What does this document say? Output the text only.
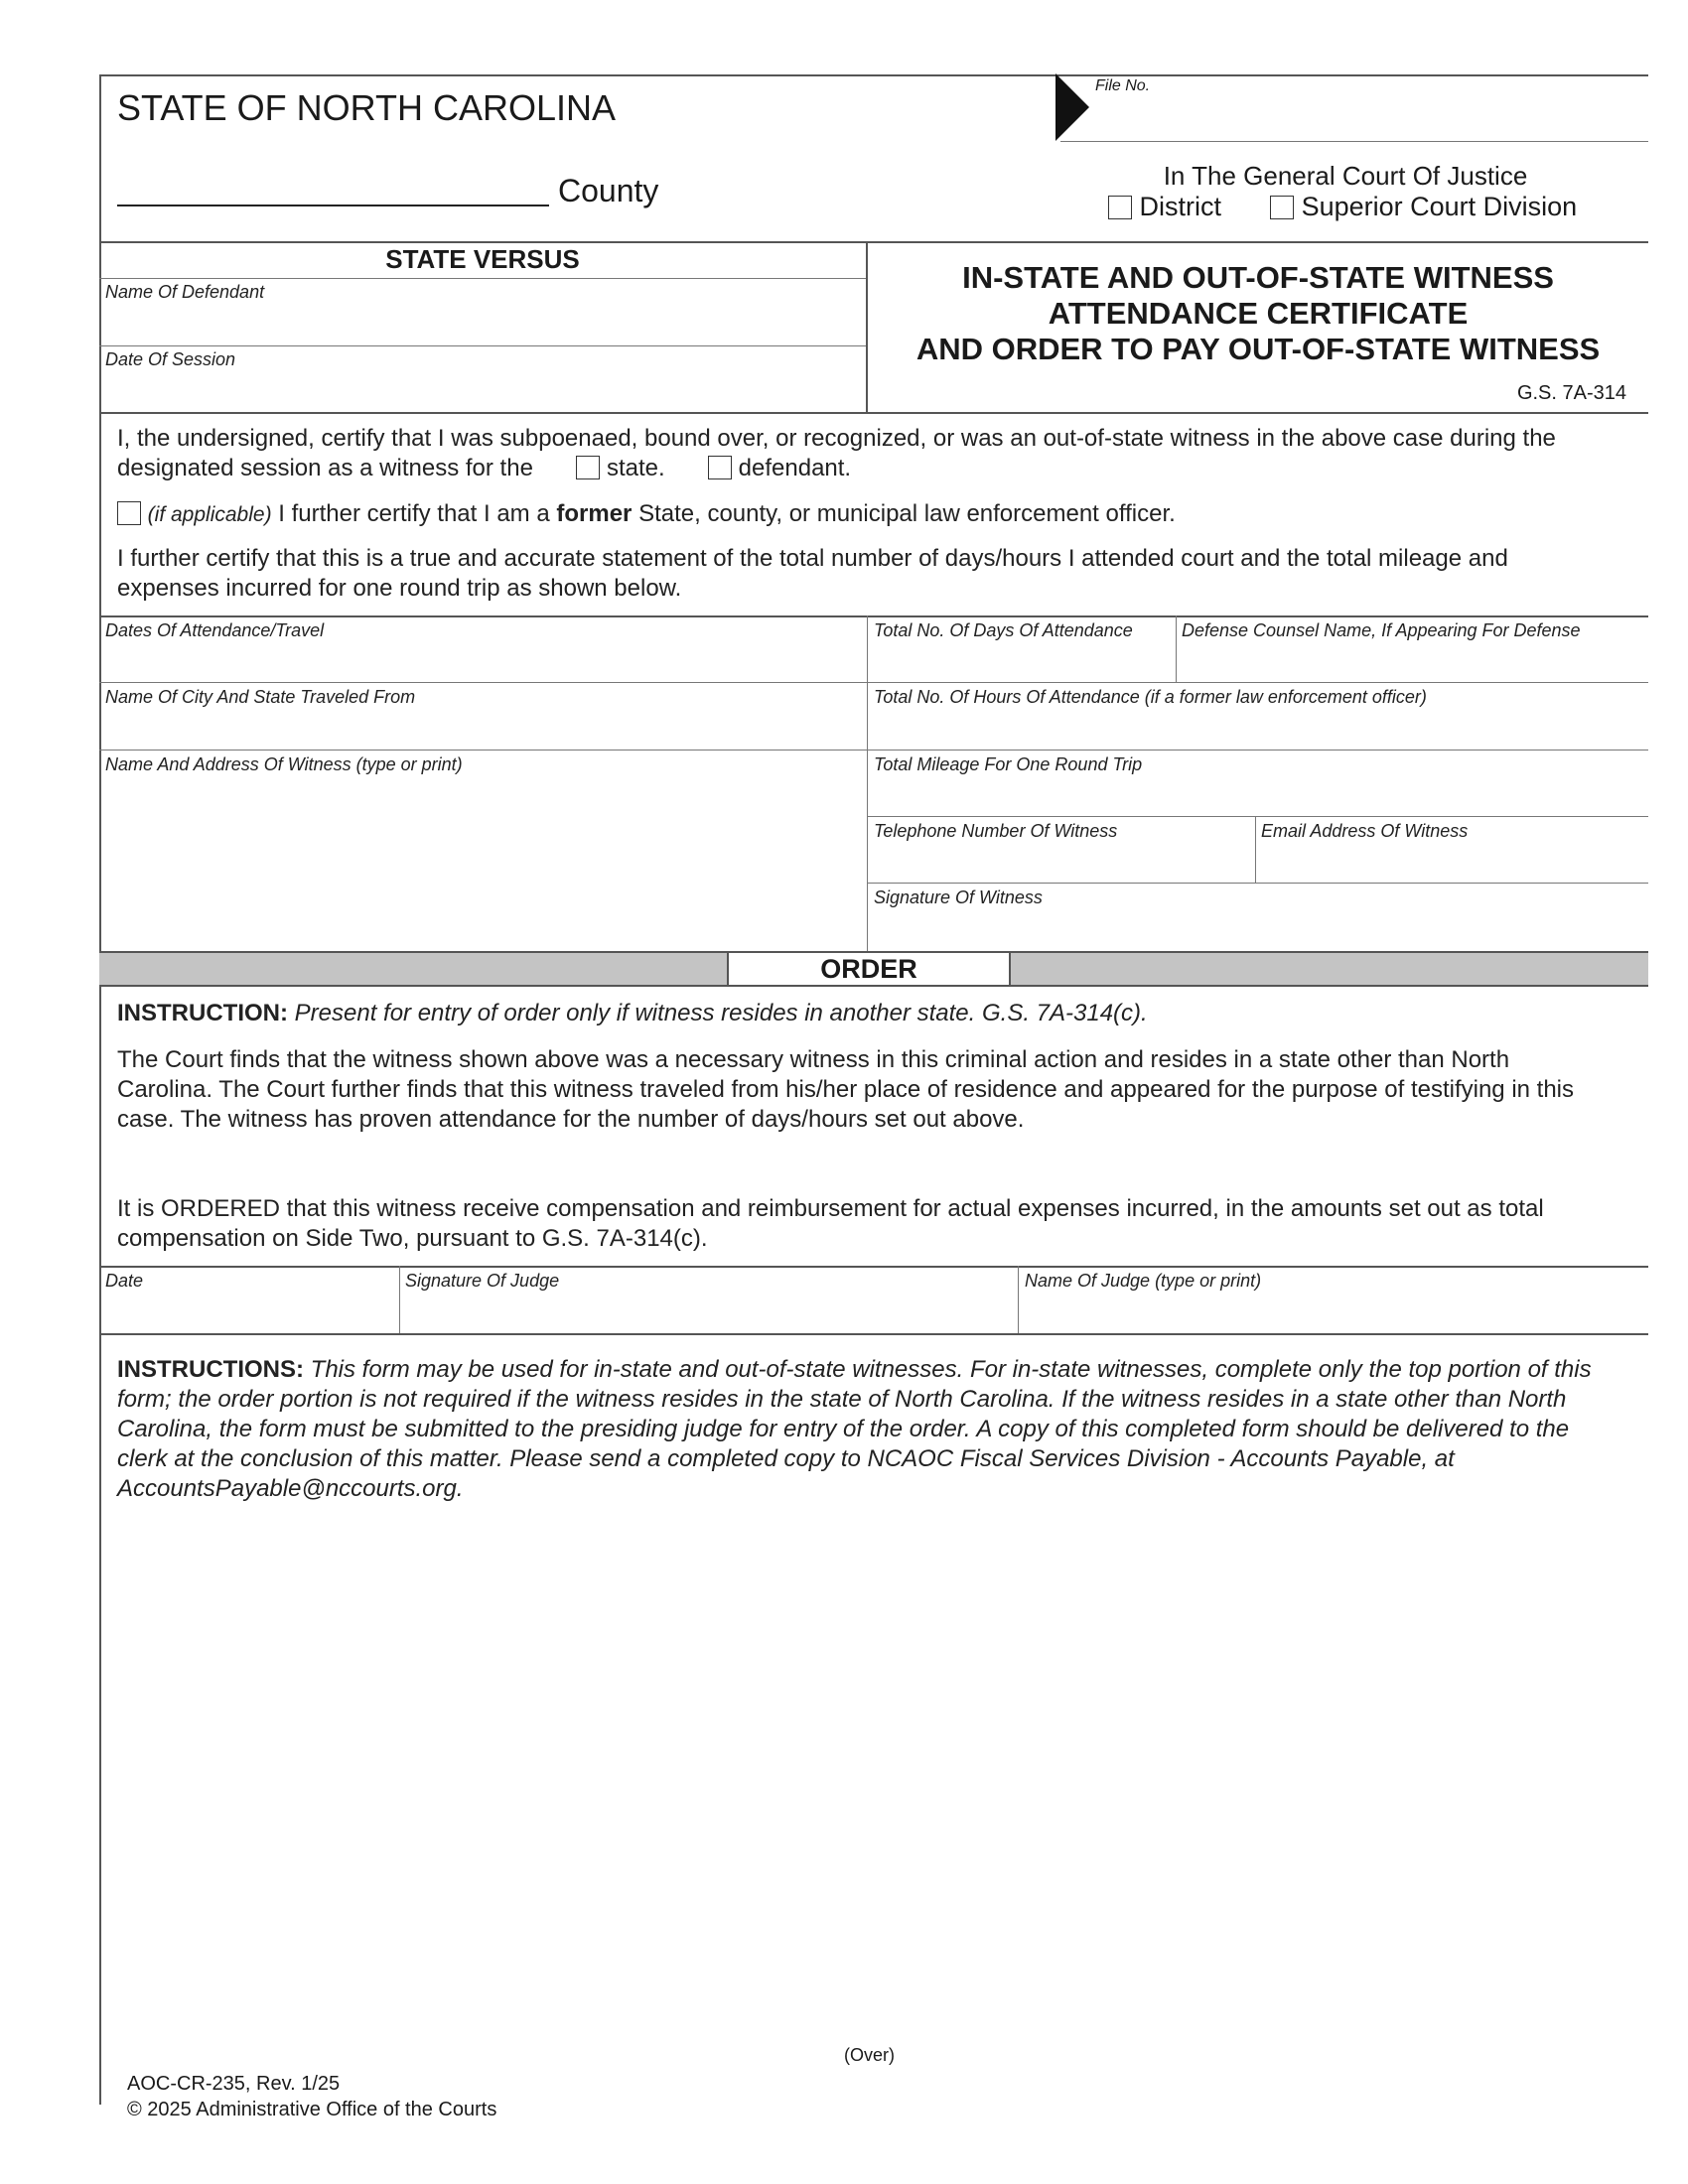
STATE OF NORTH CAROLINA
County
File No.
In The General Court Of Justice
District	Superior Court Division
STATE VERSUS
Name Of Defendant
Date Of Session
IN-STATE AND OUT-OF-STATE WITNESS
ATTENDANCE CERTIFICATE
AND ORDER TO PAY OUT-OF-STATE WITNESS
G.S. 7A-314
I, the undersigned, certify that I was subpoenaed, bound over, or recognized, or was an out-of-state witness in the above case during the
designated session as a witness for the	state.	defendant.
(if applicable) I further certify that I am a former State, county, or municipal law enforcement officer.
I further certify that this is a true and accurate statement of the total number of days/hours I attended court and the total mileage and expenses incurred for one round trip as shown below.
Dates Of Attendance/Travel	Total No. Of Days Of Attendance	Defense Counsel Name, If Appearing For Defense
Name Of City And State Traveled From	Total No. Of Hours Of Attendance (if a former law enforcement officer)
Name And Address Of Witness (type or print)	Total Mileage For One Round Trip
Telephone Number Of Witness	Email Address Of Witness
Signature Of Witness
ORDER
INSTRUCTION: Present for entry of order only if witness resides in another state. G.S. 7A-314(c).
The Court finds that the witness shown above was a necessary witness in this criminal action and resides in a state other than North Carolina. The Court further finds that this witness traveled from his/her place of residence and appeared for the purpose of testifying in this case. The witness has proven attendance for the number of days/hours set out above.
It is ORDERED that this witness receive compensation and reimbursement for actual expenses incurred, in the amounts set out as total compensation on Side Two, pursuant to G.S. 7A-314(c).
Date	Signature Of Judge	Name Of Judge (type or print)
INSTRUCTIONS: This form may be used for in-state and out-of-state witnesses. For in-state witnesses, complete only the top portion of this form; the order portion is not required if the witness resides in the state of North Carolina. If the witness resides in a state other than North Carolina, the form must be submitted to the presiding judge for entry of the order. A copy of this completed form should be delivered to the clerk at the conclusion of this matter. Please send a completed copy to NCAOC Fiscal Services Division - Accounts Payable, at AccountsPayable@nccourts.org.
(Over)
AOC-CR-235, Rev. 1/25
© 2025 Administrative Office of the Courts
